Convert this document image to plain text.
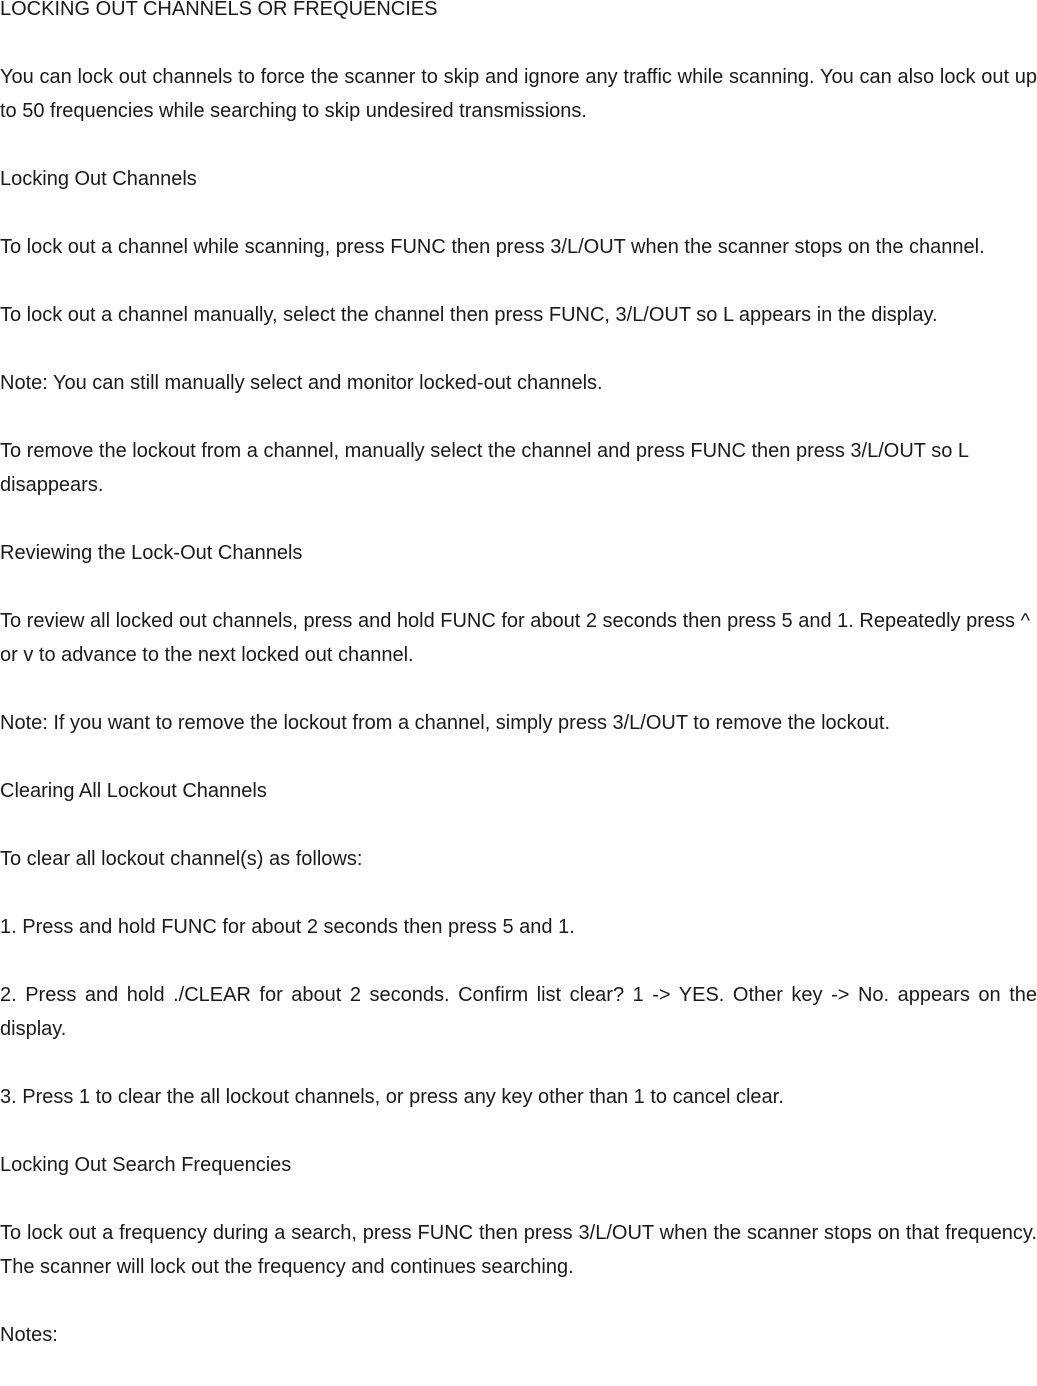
LOCKING OUT CHANNELS OR FREQUENCIES

You can lock out channels to force the scanner to skip and ignore any traffic while scanning. You can also lock out up to 50 frequencies while searching to skip undesired transmissions.

Locking Out Channels

To lock out a channel while scanning, press FUNC then press 3/L/OUT when the scanner stops on the channel.

To lock out a channel manually, select the channel then press FUNC, 3/L/OUT so L appears in the display.

Note: You can still manually select and monitor locked-out channels.

To remove the lockout from a channel, manually select the channel and press FUNC then press 3/L/OUT so L disappears.

Reviewing the Lock-Out Channels

To review all locked out channels, press and hold FUNC for about 2 seconds then press 5 and 1. Repeatedly press ^ or v to advance to the next locked out channel.

Note: If you want to remove the lockout from a channel, simply press 3/L/OUT to remove the lockout.

Clearing All Lockout Channels

To clear all lockout channel(s) as follows:

1. Press and hold FUNC for about 2 seconds then press 5 and 1.

2. Press and hold ./CLEAR for about 2 seconds. Confirm list clear? 1 -> YES. Other key -> No. appears on the display.

3. Press 1 to clear the all lockout channels, or press any key other than 1 to cancel clear.

Locking Out Search Frequencies

To lock out a frequency during a search, press FUNC then press 3/L/OUT when the scanner stops on that frequency. The scanner will lock out the frequency and continues searching.

Notes:
